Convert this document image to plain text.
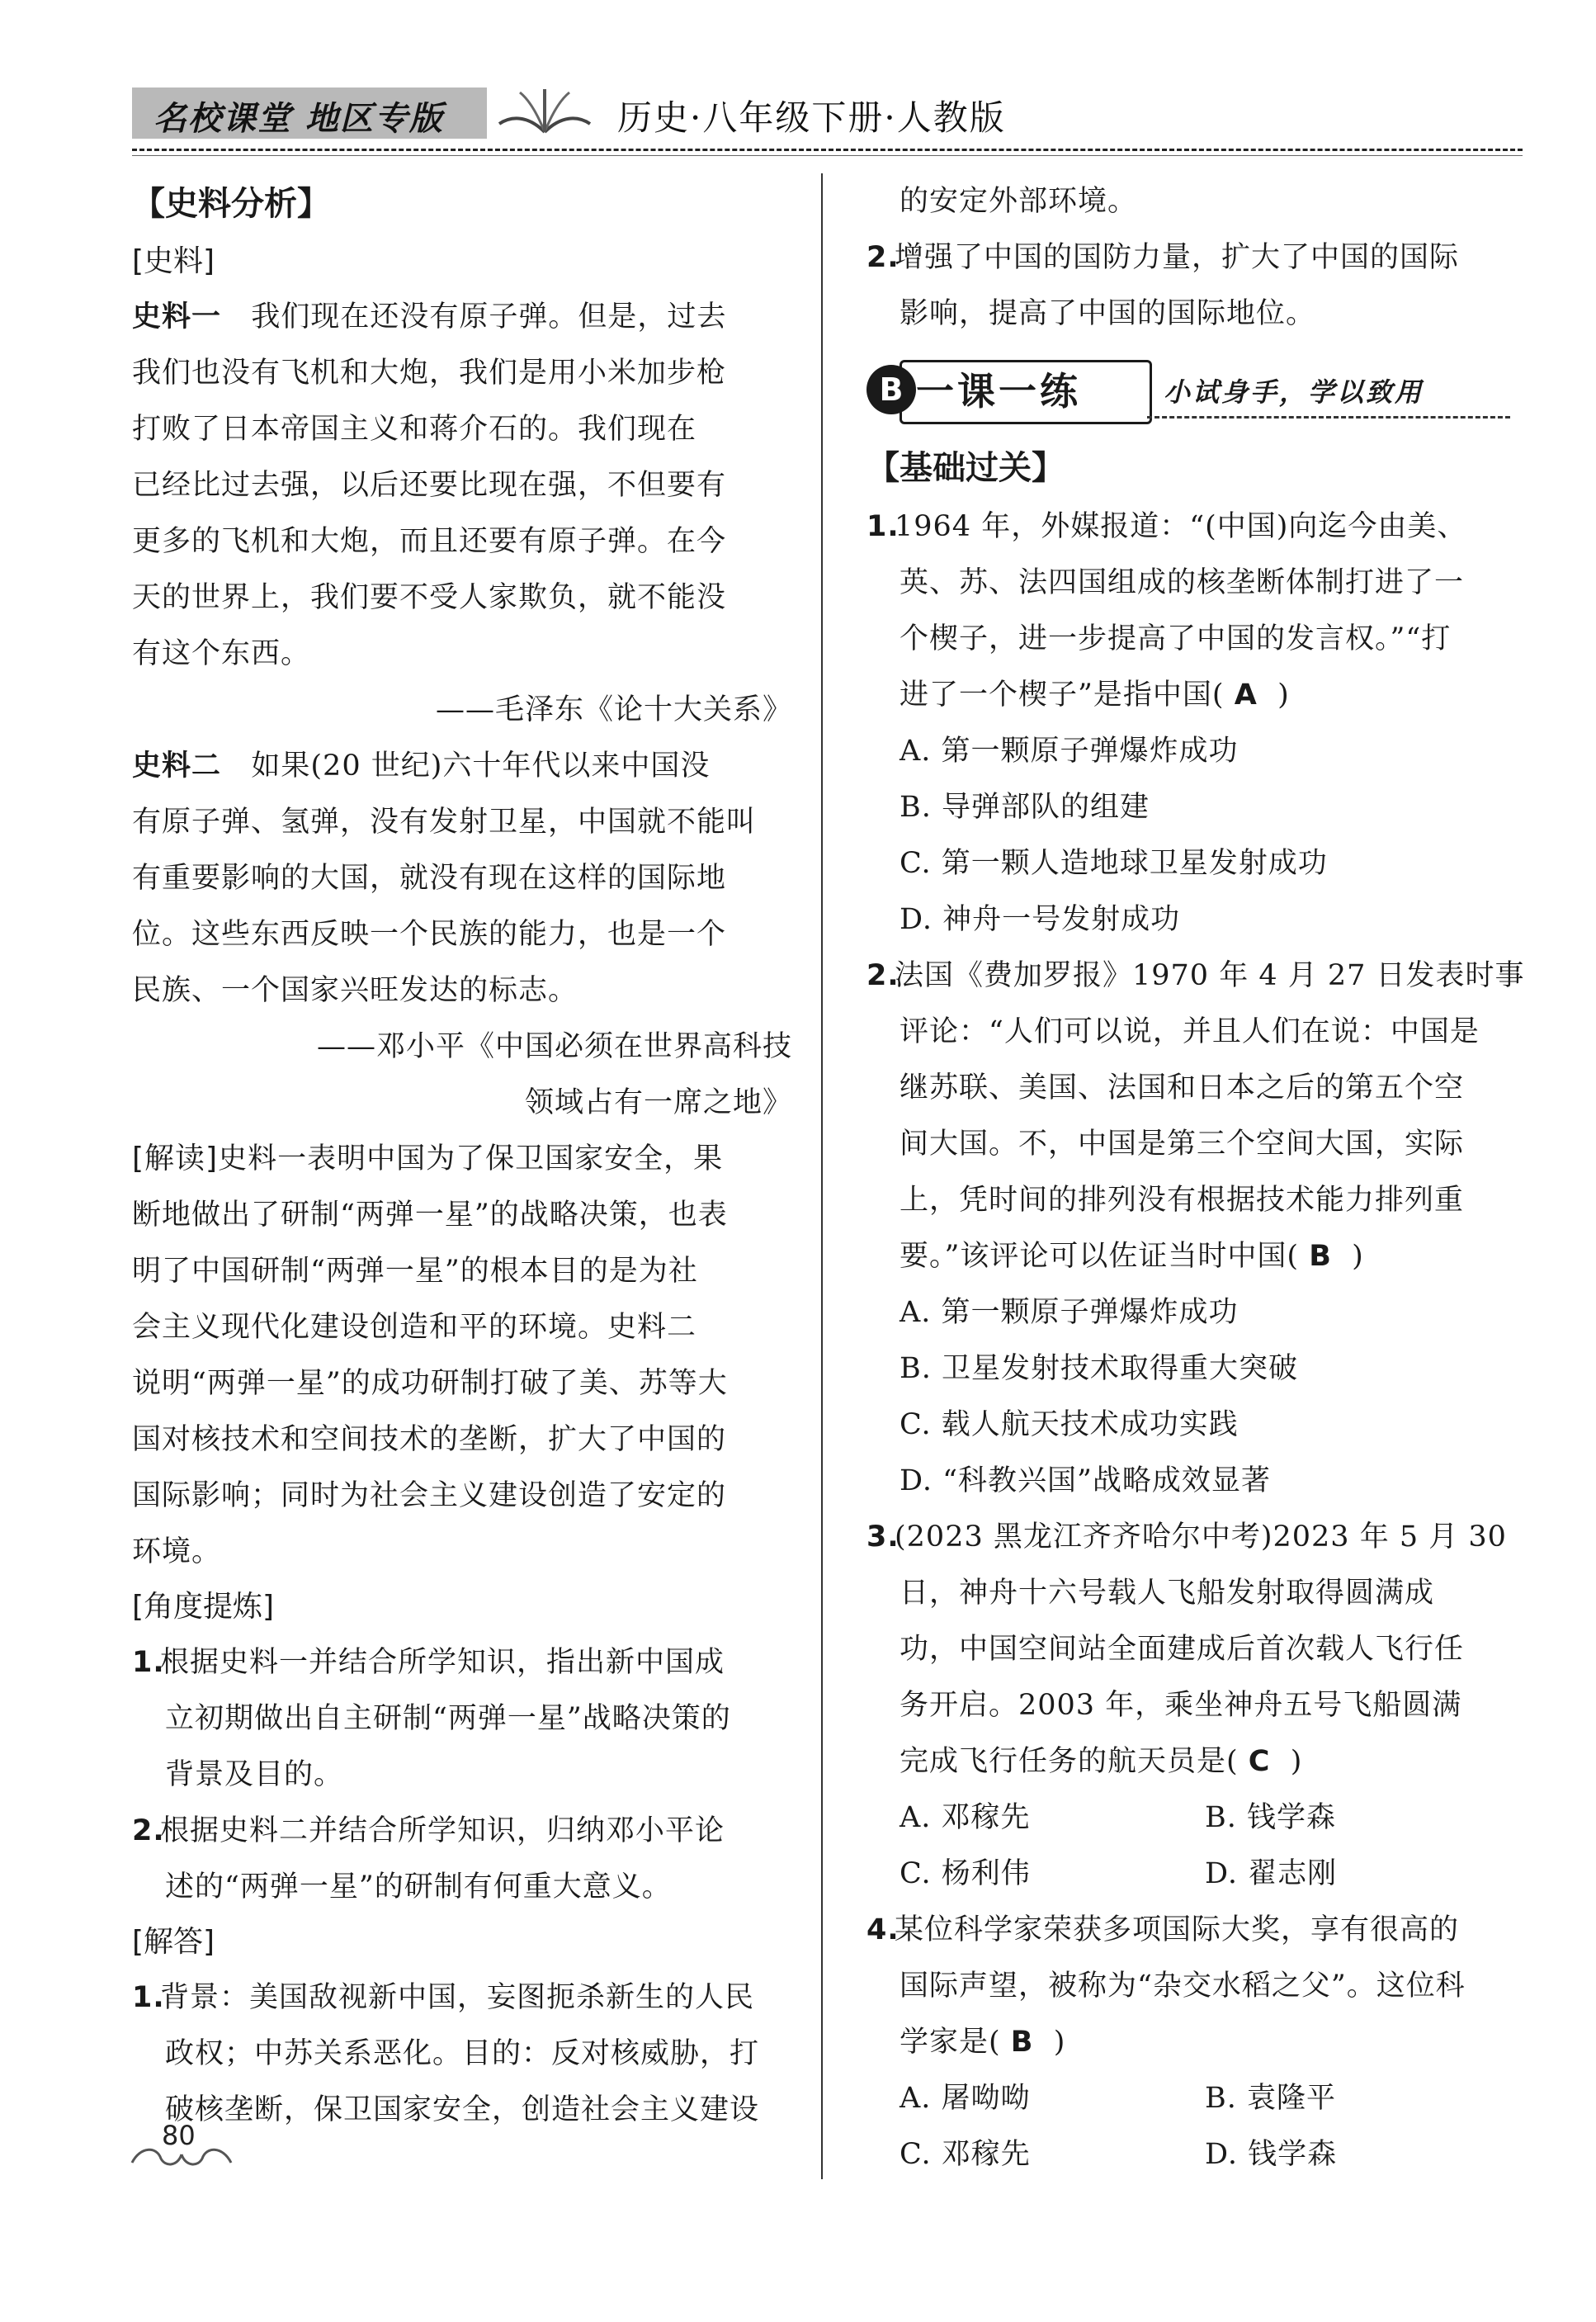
名校课堂 地区专版	历史·八年级下册·人教版
【史料分析】
[史料]
史料一 我们现在还没有原子弹。但是，过去
我们也没有飞机和大炮，我们是用小米加步枪
打败了日本帝国主义和蒋介石的。我们现在
已经比过去强，以后还要比现在强，不但要有
更多的飞机和大炮，而且还要有原子弹。在今
天的世界上，我们要不受人家欺负，就不能没
有这个东西。
——毛泽东《论十大关系》
史料二 如果(20 世纪)六十年代以来中国没
有原子弹、氢弹，没有发射卫星，中国就不能叫
有重要影响的大国，就没有现在这样的国际地
位。这些东西反映一个民族的能力，也是一个
民族、一个国家兴旺发达的标志。
——邓小平《中国必须在世界高科技
领域占有一席之地》
[解读]史料一表明中国为了保卫国家安全，果
断地做出了研制“两弹一星”的战略决策，也表
明了中国研制“两弹一星”的根本目的是为社
会主义现代化建设创造和平的环境。史料二
说明“两弹一星”的成功研制打破了美、苏等大
国对核技术和空间技术的垄断，扩大了中国的
国际影响；同时为社会主义建设创造了安定的
环境。
[角度提炼]
1.根据史料一并结合所学知识，指出新中国成
立初期做出自主研制“两弹一星”战略决策的
背景及目的。
2.根据史料二并结合所学知识，归纳邓小平论
述的“两弹一星”的研制有何重大意义。
[解答]
1.背景：美国敌视新中国，妄图扼杀新生的人民
政权；中苏关系恶化。目的：反对核威胁，打
破核垄断，保卫国家安全，创造社会主义建设
的安定外部环境。
2.增强了中国的国防力量，扩大了中国的国际
影响，提高了中国的国际地位。
B 一课一练	小试身手，学以致用
【基础过关】
1.1964 年，外媒报道：“(中国)向迄今由美、
英、苏、法四国组成的核垄断体制打进了一
个楔子，进一步提高了中国的发言权。”“打
进了一个楔子”是指中国( A )
A. 第一颗原子弹爆炸成功
B. 导弹部队的组建
C. 第一颗人造地球卫星发射成功
D. 神舟一号发射成功
2.法国《费加罗报》1970 年 4 月 27 日发表时事
评论：“人们可以说，并且人们在说：中国是
继苏联、美国、法国和日本之后的第五个空
间大国。不，中国是第三个空间大国，实际
上，凭时间的排列没有根据技术能力排列重
要。”该评论可以佐证当时中国( B )
A. 第一颗原子弹爆炸成功
B. 卫星发射技术取得重大突破
C. 载人航天技术成功实践
D. “科教兴国”战略成效显著
3.(2023 黑龙江齐齐哈尔中考)2023 年 5 月 30
日，神舟十六号载人飞船发射取得圆满成
功，中国空间站全面建成后首次载人飞行任
务开启。2003 年，乘坐神舟五号飞船圆满
完成飞行任务的航天员是( C )
A. 邓稼先	B. 钱学森
C. 杨利伟	D. 翟志刚
4.某位科学家荣获多项国际大奖，享有很高的
国际声望，被称为“杂交水稻之父”。这位科
学家是( B )
A. 屠呦呦	B. 袁隆平
C. 邓稼先	D. 钱学森
80
